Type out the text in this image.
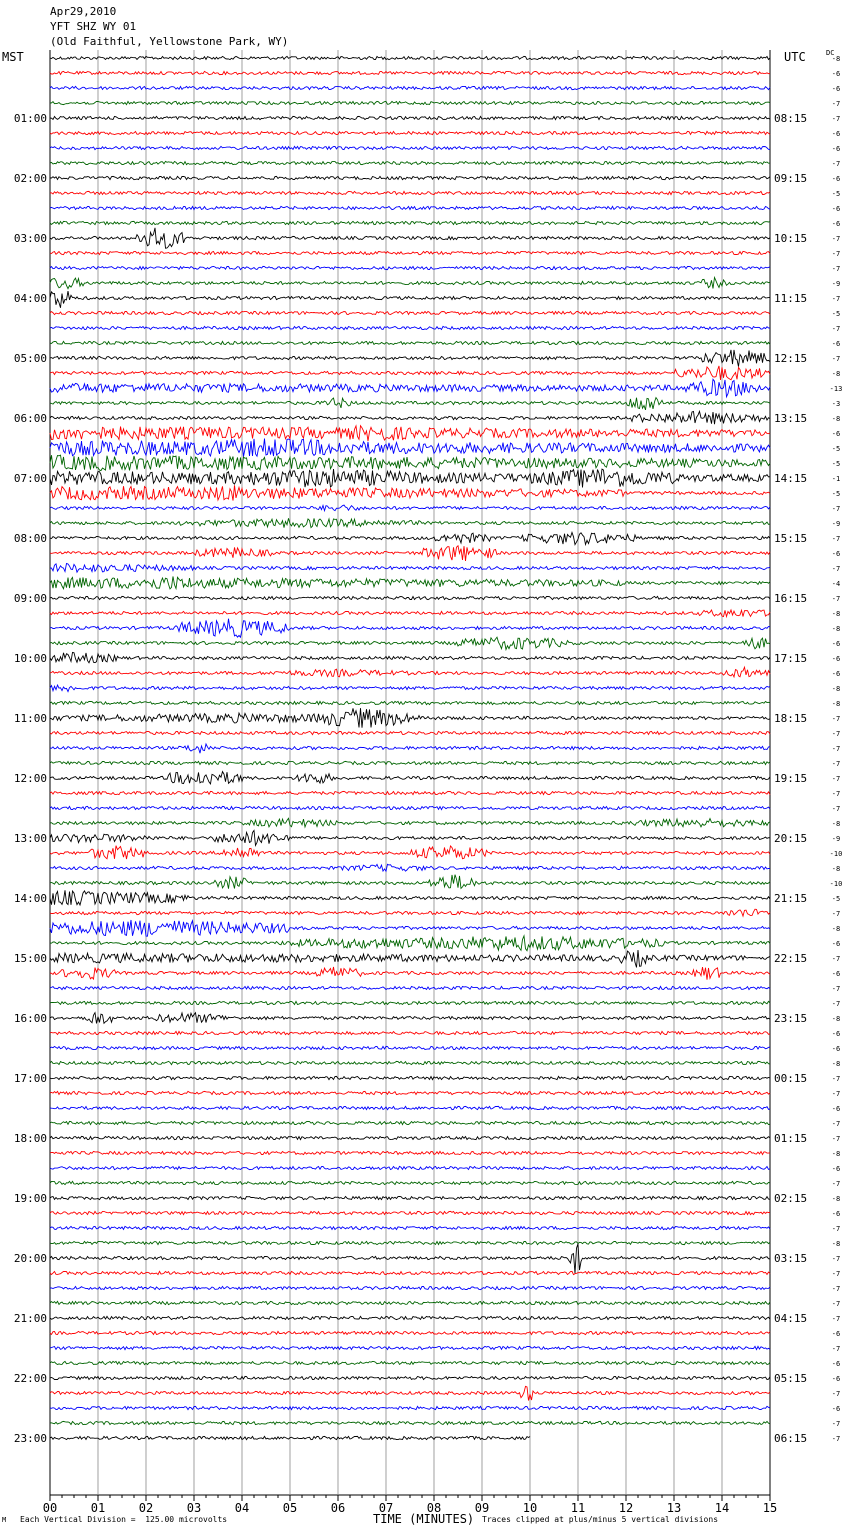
Apr29,2010
YFT SHZ WY 01
(Old Faithful, Yellowstone Park, WY)
MST	UTC	DC
00	01	02	03	04	05	06	07	08	09	10	11	12	13	14	15
-8
-6
-6
-7
-7
-6
-6
-7
-6
-5
-6
-6
-7
-7
-7
-9
-7
-5
-7
-6
-7
-8
-13
-3
-8
-6
-5
-5
-1
-5
-7
-9
-7
-6
-7
-4
-7
-8
-8
-6
-6
-6
-8
-8
-7
-7
-7
-7
-7
-7
-7
-8
-9
-10
-8
-10
-5
-7
-8
-6
-7
-6
-7
-7
-8
-6
-6
-8
-7
-7
-6
-7
-7
-8
-6
-7
-8
-6
-7
-8
-7
-7
-7
-7
-7
-6
-7
-6
-6
-7
-6
-7
-7
01:00
02:00
03:00
04:00
05:00
06:00
07:00
08:00
09:00
10:00
11:00
12:00
13:00
14:00
15:00
16:00
17:00
18:00
19:00
20:00
21:00
22:00
23:00
08:15
09:15
10:15
11:15
12:15
13:15
14:15
15:15
16:15
17:15
18:15
19:15
20:15
21:15
22:15
23:15
00:15
01:15
02:15
03:15
04:15
05:15
06:15
M Each Vertical Division =  125.00 microvolts	TIME (MINUTES) Traces clipped at plus/minus 5 vertical divisions
